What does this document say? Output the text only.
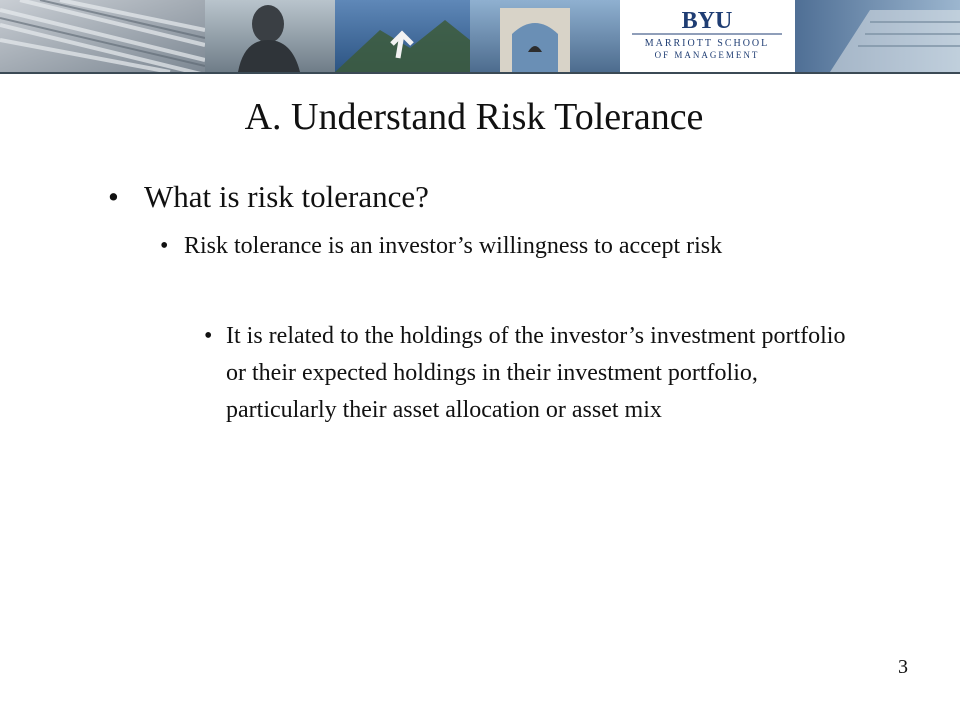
BYU
MARRIOTT SCHOOL
OF MANAGEMENT
A. Understand Risk Tolerance
• What is risk tolerance?
• Risk tolerance is an investor’s willingness to accept risk
• It is related to the holdings of the investor’s investment portfolio or their expected holdings in their investment portfolio, particularly their asset allocation or asset mix
3
